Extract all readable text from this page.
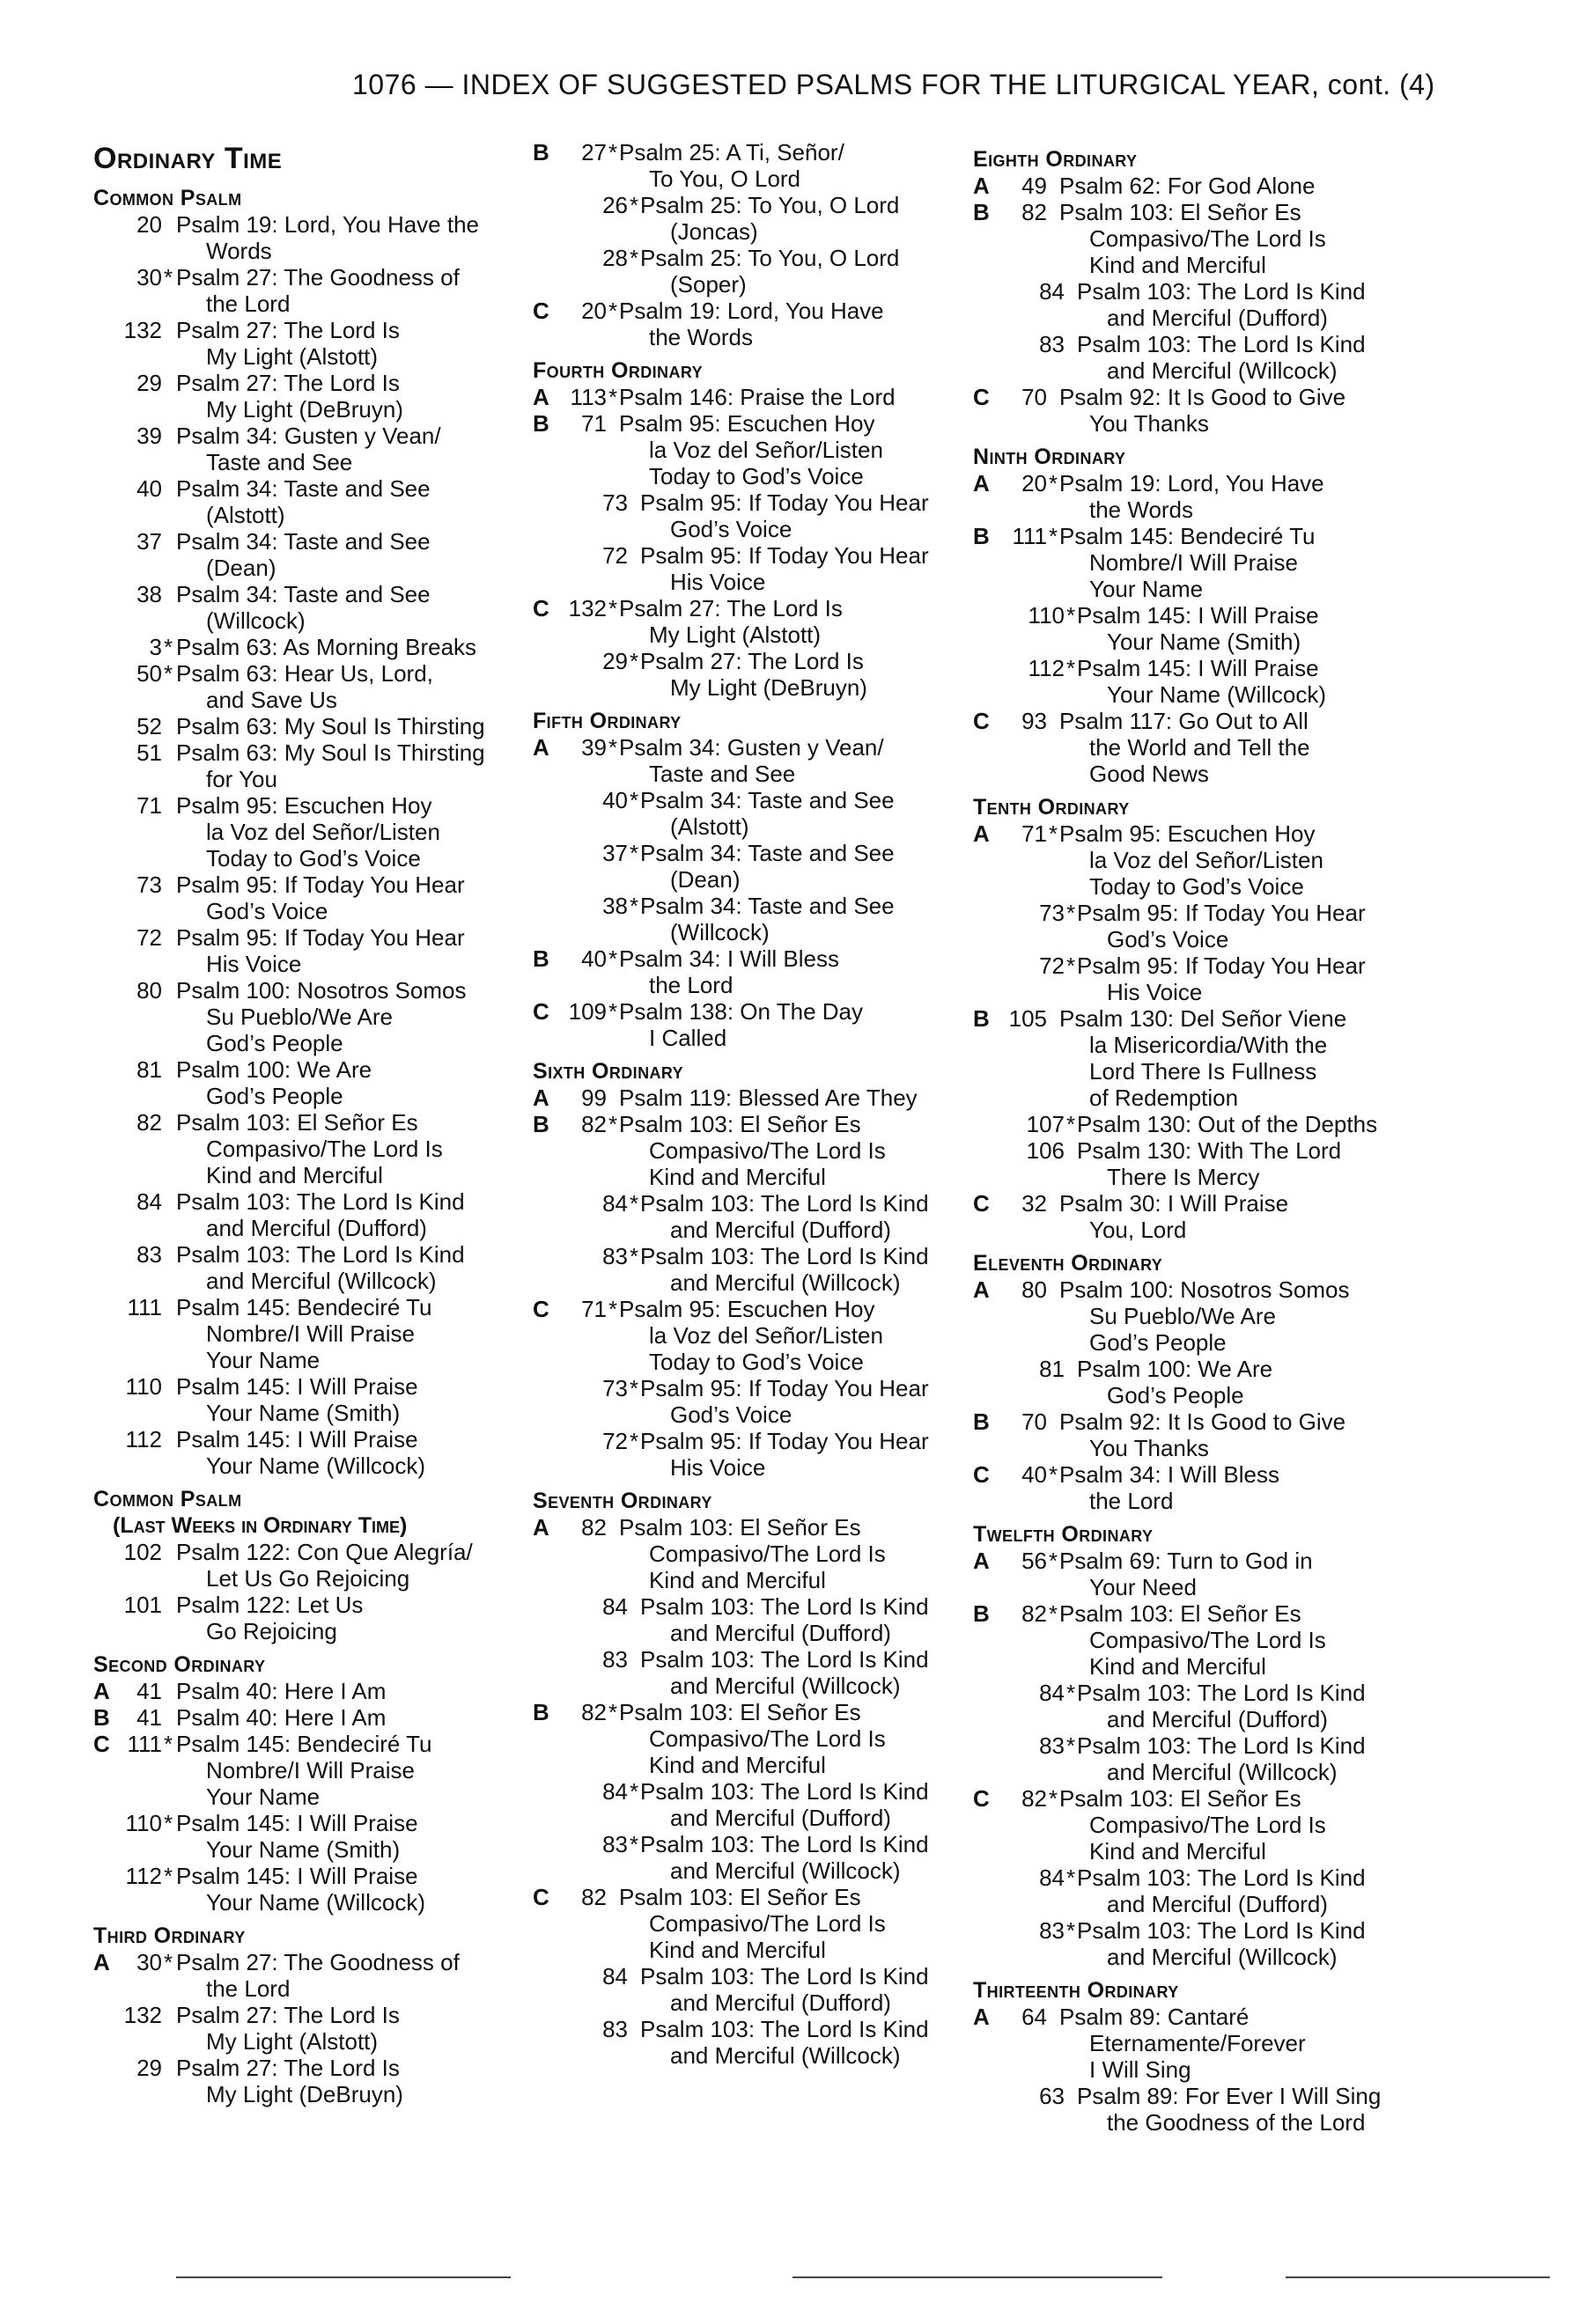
1076 — INDEX OF SUGGESTED PSALMS FOR THE LITURGICAL YEAR, cont. (4)
Ordinary Time
Common Psalm
20 Psalm 19: Lord, You Have the
Words
30 * Psalm 27: The Goodness of
the Lord
132 Psalm 27: The Lord Is
My Light (Alstott)
29 Psalm 27: The Lord Is
My Light (DeBruyn)
39 Psalm 34: Gusten y Vean/
Taste and See
40 Psalm 34: Taste and See
(Alstott)
37 Psalm 34: Taste and See
(Dean)
38 Psalm 34: Taste and See
(Willcock)
3 * Psalm 63: As Morning Breaks
50 * Psalm 63: Hear Us, Lord,
and Save Us
52 Psalm 63: My Soul Is Thirsting
51 Psalm 63: My Soul Is Thirsting
for You
71 Psalm 95: Escuchen Hoy
la Voz del Señor/Listen
Today to God’s Voice
73 Psalm 95: If Today You Hear
God’s Voice
72 Psalm 95: If Today You Hear
His Voice
80 Psalm 100: Nosotros Somos
Su Pueblo/We Are
God’s People
81 Psalm 100: We Are
God’s People
82 Psalm 103: El Señor Es
Compasivo/The Lord Is
Kind and Merciful
84 Psalm 103: The Lord Is Kind
and Merciful (Dufford)
83 Psalm 103: The Lord Is Kind
and Merciful (Willcock)
111 Psalm 145: Bendeciré Tu
Nombre/I Will Praise
Your Name
110 Psalm 145: I Will Praise
Your Name (Smith)
112 Psalm 145: I Will Praise
Your Name (Willcock)
Common Psalm
(Last Weeks in Ordinary Time)
102 Psalm 122: Con Que Alegría/
Let Us Go Rejoicing
101 Psalm 122: Let Us
Go Rejoicing
Second Ordinary
A	41 Psalm 40: Here I Am
B	41 Psalm 40: Here I Am
C 111 * Psalm 145: Bendeciré Tu
Nombre/I Will Praise
Your Name
110 * Psalm 145: I Will Praise
Your Name (Smith)
112 * Psalm 145: I Will Praise
Your Name (Willcock)
Third Ordinary
A	30 * Psalm 27: The Goodness of
the Lord
132 Psalm 27: The Lord Is
My Light (Alstott)
29 Psalm 27: The Lord Is
My Light (DeBruyn)
B	27 * Psalm 25: A Ti, Señor/
To You, O Lord
26 * Psalm 25: To You, O Lord
(Joncas)
28 * Psalm 25: To You, O Lord
(Soper)
C	20 * Psalm 19: Lord, You Have
the Words
Fourth Ordinary
A 113 * Psalm 146: Praise the Lord
B	71 Psalm 95: Escuchen Hoy
la Voz del Señor/Listen
Today to God’s Voice
73 Psalm 95: If Today You Hear
God’s Voice
72 Psalm 95: If Today You Hear
His Voice
C 132 * Psalm 27: The Lord Is
My Light (Alstott)
29 * Psalm 27: The Lord Is
My Light (DeBruyn)
Fifth Ordinary
A	39 * Psalm 34: Gusten y Vean/
Taste and See
40 * Psalm 34: Taste and See
(Alstott)
37 * Psalm 34: Taste and See
(Dean)
38 * Psalm 34: Taste and See
(Willcock)
B	40 * Psalm 34: I Will Bless
the Lord
C 109 * Psalm 138: On The Day
I Called
Sixth Ordinary
A	99 Psalm 119: Blessed Are They
B	82 * Psalm 103: El Señor Es
Compasivo/The Lord Is
Kind and Merciful
84 * Psalm 103: The Lord Is Kind
and Merciful (Dufford)
83 * Psalm 103: The Lord Is Kind
and Merciful (Willcock)
C	71 * Psalm 95: Escuchen Hoy
la Voz del Señor/Listen
Today to God’s Voice
73 * Psalm 95: If Today You Hear
God’s Voice
72 * Psalm 95: If Today You Hear
His Voice
Seventh Ordinary
A	82 Psalm 103: El Señor Es
Compasivo/The Lord Is
Kind and Merciful
84 Psalm 103: The Lord Is Kind
and Merciful (Dufford)
83 Psalm 103: The Lord Is Kind
and Merciful (Willcock)
B	82 * Psalm 103: El Señor Es
Compasivo/The Lord Is
Kind and Merciful
84 * Psalm 103: The Lord Is Kind
and Merciful (Dufford)
83 * Psalm 103: The Lord Is Kind
and Merciful (Willcock)
C	82 Psalm 103: El Señor Es
Compasivo/The Lord Is
Kind and Merciful
84 Psalm 103: The Lord Is Kind
and Merciful (Dufford)
83 Psalm 103: The Lord Is Kind
and Merciful (Willcock)
Eighth Ordinary
A	49 Psalm 62: For God Alone
B	82 Psalm 103: El Señor Es
Compasivo/The Lord Is
Kind and Merciful
84 Psalm 103: The Lord Is Kind
and Merciful (Dufford)
83 Psalm 103: The Lord Is Kind
and Merciful (Willcock)
C	70 Psalm 92: It Is Good to Give
You Thanks
Ninth Ordinary
A	20 * Psalm 19: Lord, You Have
the Words
B 111 * Psalm 145: Bendeciré Tu
Nombre/I Will Praise
Your Name
110 * Psalm 145: I Will Praise
Your Name (Smith)
112 * Psalm 145: I Will Praise
Your Name (Willcock)
C	93 Psalm 117: Go Out to All
the World and Tell the
Good News
Tenth Ordinary
A	71 * Psalm 95: Escuchen Hoy
la Voz del Señor/Listen
Today to God’s Voice
73 * Psalm 95: If Today You Hear
God’s Voice
72 * Psalm 95: If Today You Hear
His Voice
B 105 Psalm 130: Del Señor Viene
la Misericordia/With the
Lord There Is Fullness
of Redemption
107 * Psalm 130: Out of the Depths
106 Psalm 130: With The Lord
There Is Mercy
C	32 Psalm 30: I Will Praise
You, Lord
Eleventh Ordinary
A	80 Psalm 100: Nosotros Somos
Su Pueblo/We Are
God’s People
81 Psalm 100: We Are
God’s People
B	70 Psalm 92: It Is Good to Give
You Thanks
C	40 * Psalm 34: I Will Bless
the Lord
Twelfth Ordinary
A	56 * Psalm 69: Turn to God in
Your Need
B	82 * Psalm 103: El Señor Es
Compasivo/The Lord Is
Kind and Merciful
84 * Psalm 103: The Lord Is Kind
and Merciful (Dufford)
83 * Psalm 103: The Lord Is Kind
and Merciful (Willcock)
C	82 * Psalm 103: El Señor Es
Compasivo/The Lord Is
Kind and Merciful
84 * Psalm 103: The Lord Is Kind
and Merciful (Dufford)
83 * Psalm 103: The Lord Is Kind
and Merciful (Willcock)
Thirteenth Ordinary
A	64 Psalm 89: Cantaré
Eternamente/Forever
I Will Sing
63 Psalm 89: For Ever I Will Sing
the Goodness of the Lord
